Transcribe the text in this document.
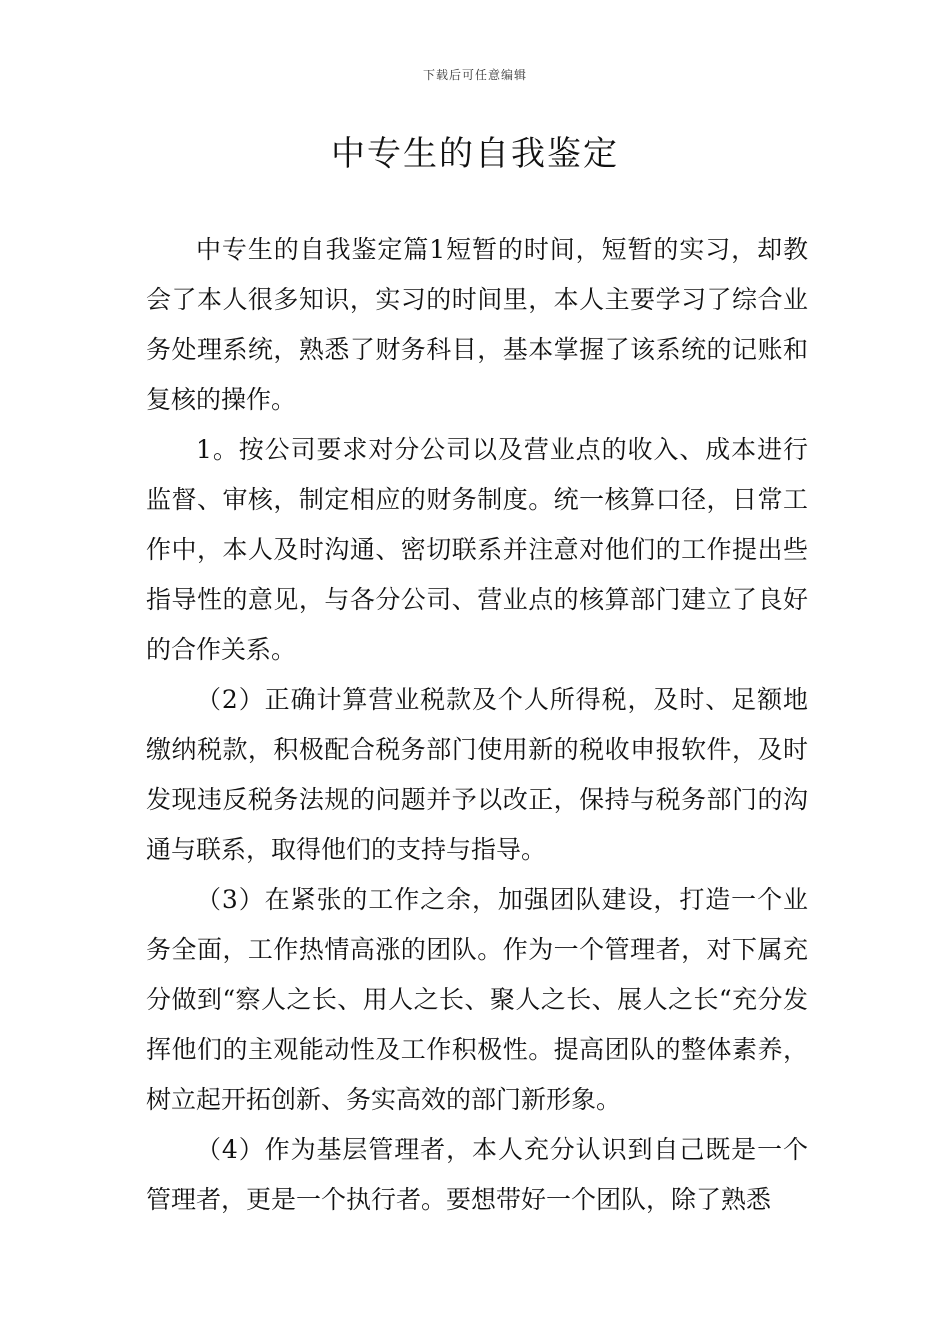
下载后可任意编辑
中专生的自我鉴定

中专生的自我鉴定篇1短暂的时间，短暂的实习，却教会了本人很多知识，实习的时间里，本人主要学习了综合业务处理系统，熟悉了财务科目，基本掌握了该系统的记账和复核的操作。

1。按公司要求对分公司以及营业点的收入、成本进行监督、审核，制定相应的财务制度。统一核算口径，日常工作中，本人及时沟通、密切联系并注意对他们的工作提出些指导性的意见，与各分公司、营业点的核算部门建立了良好的合作关系。

（2）正确计算营业税款及个人所得税，及时、足额地缴纳税款，积极配合税务部门使用新的税收申报软件，及时发现违反税务法规的问题并予以改正，保持与税务部门的沟通与联系，取得他们的支持与指导。

（3）在紧张的工作之余，加强团队建设，打造一个业务全面，工作热情高涨的团队。作为一个管理者，对下属充分做到“察人之长、用人之长、聚人之长、展人之长“充分发挥他们的主观能动性及工作积极性。提高团队的整体素养，树立起开拓创新、务实高效的部门新形象。

（4）作为基层管理者，本人充分认识到自己既是一个管理者，更是一个执行者。要想带好一个团队，除了熟悉
